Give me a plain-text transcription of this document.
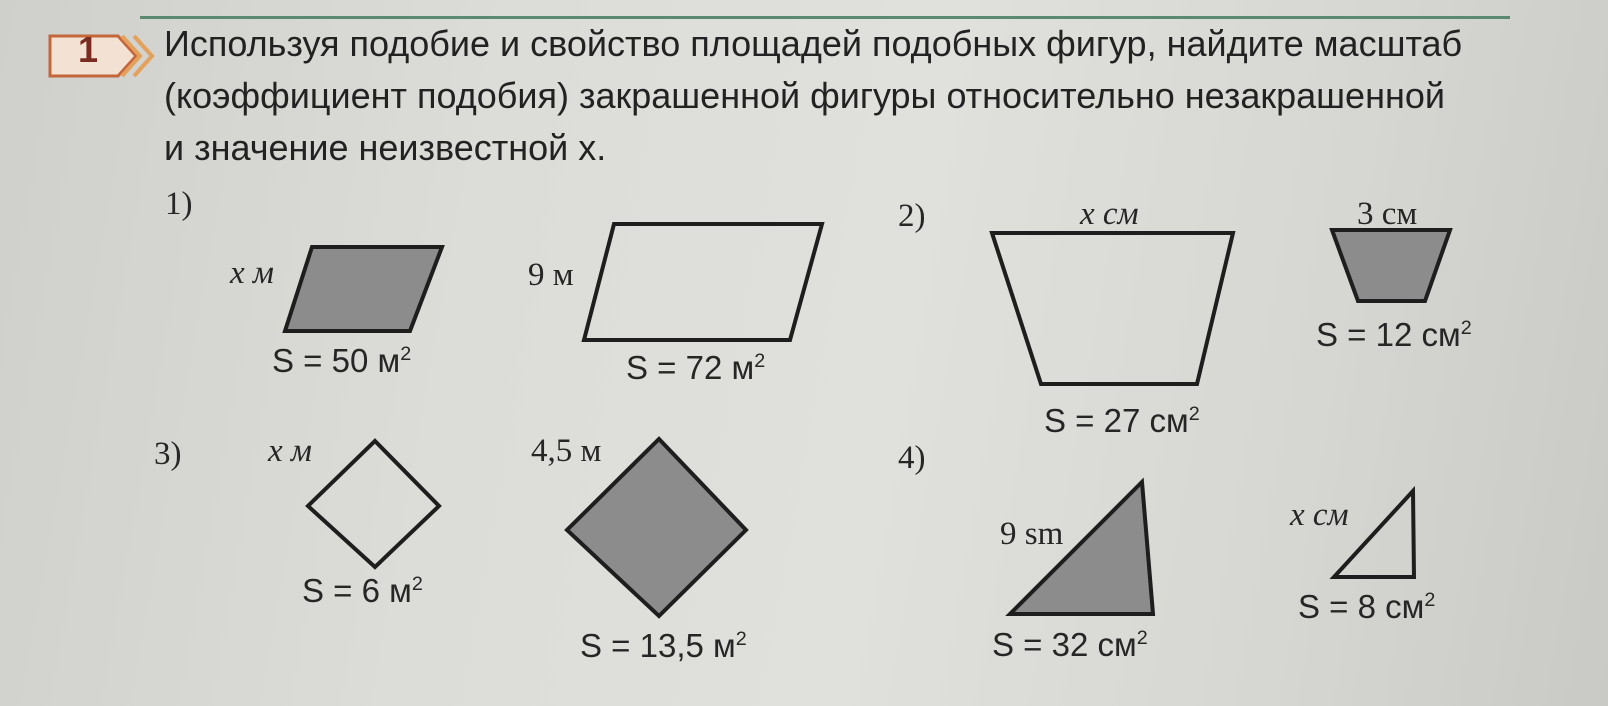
1 Используя подобие и свойство площадей подобных фигур, найдите масштаб (коэффициент подобия) закрашенной фигуры относительно незакрашенной и значение неизвестной x.
1)
x м
S = 50 $м^2$
9 м
S = 72 $м^2$
2)	x см
S = 27 $см^2$
3 см
S = 12 $см^2$
3)	x м
S = 6 $м^2$
4,5 м
S = 13,5 $м^2$
4)
9 sm
S = 32 $см^2$
x см
S = 8 $см^2$
